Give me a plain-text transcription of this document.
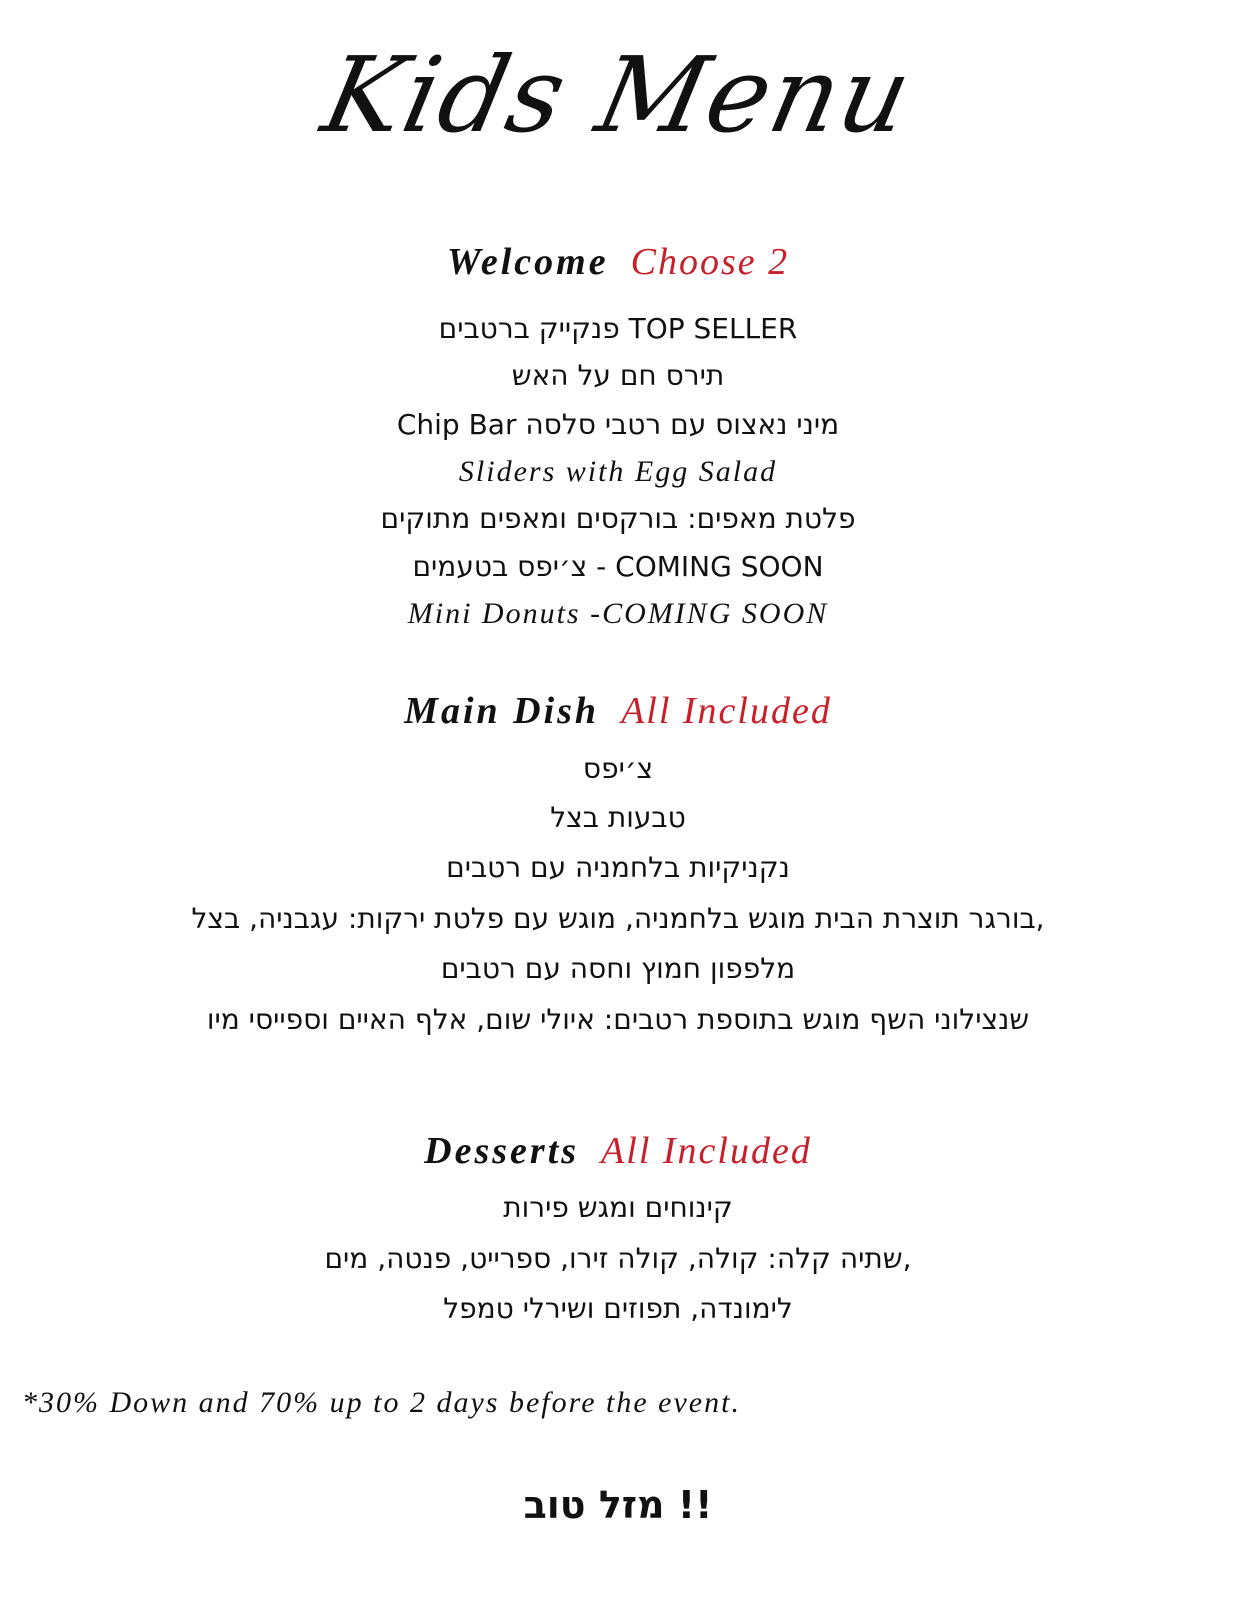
Kids Menu
Welcome Choose 2
פנקייק ברטבים TOP SELLER
תירס חם על האש
Chip Bar מיני נאצוס עם רטבי סלסה
Sliders with Egg Salad
פלטת מאפים: בורקסים ומאפים מתוקים
צ׳יפס בטעמים - COMING SOON
Mini Donuts -COMING SOON
Main Dish All Included
צ׳יפס
טבעות בצל
נקניקיות בלחמניה עם רטבים
בורגר תוצרת הבית מוגש בלחמניה, מוגש עם פלטת ירקות: עגבניה, בצל,
מלפפון חמוץ וחסה עם רטבים
שנצילוני השף מוגש בתוספת רטבים: איולי שום, אלף האיים וספייסי מיו
Desserts All Included
קינוחים ומגש פירות
שתיה קלה: קולה, קולה זירו, ספרייט, פנטה, מים,
לימונדה, תפוזים ושירלי טמפל
*30% Down and 70% up to 2 days before the event.
מזל טוב !!
